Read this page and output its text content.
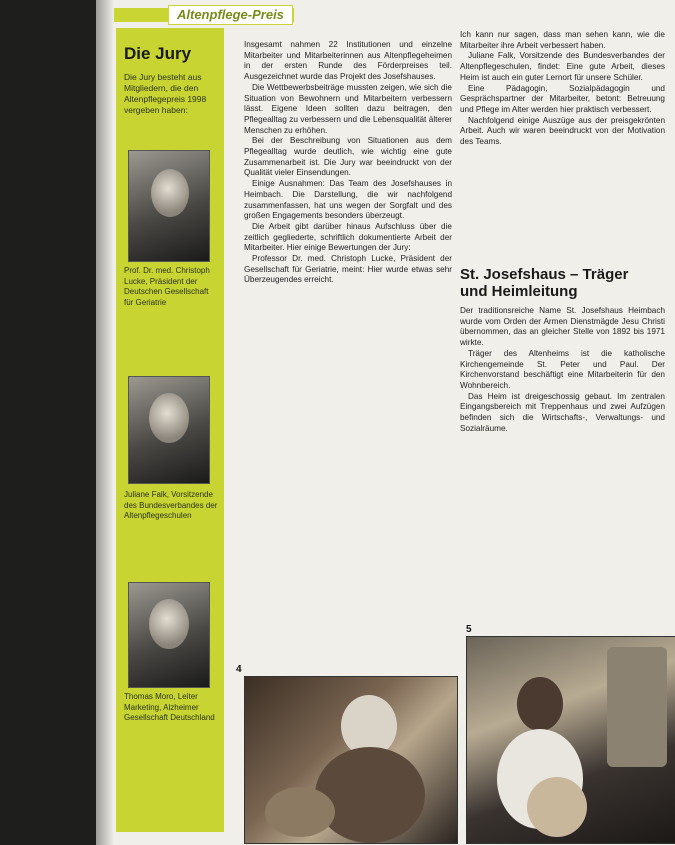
Altenpflege-Preis
Die Jury
Die Jury besteht aus Mitgliedern, die den Altenpflegepreis 1998 vergeben haben:
Prof. Dr. med. Christoph Lucke, Präsident der Deutschen Gesellschaft für Geriatrie
Juliane Falk, Vorsitzende des Bundesverbandes der Altenpflegeschulen
Thomas Moro, Leiter Marketing, Alzheimer Gesellschaft Deutschland

Insgesamt nahmen 22 Institutionen und einzelne Mitarbeiter und Mitarbeiterinnen aus Altenpflegeheimen in der ersten Runde des Förderpreises teil. Ausgezeichnet wurde das Projekt des Josefshauses.

Die Wettbewerbsbeiträge mussten zeigen, wie sich die Situation von Bewohnern und Mitarbeitern verbessern lässt. Eigene Ideen sollten dazu beitragen, den Pflegealltag zu verbessern und die Lebensqualität älterer Menschen zu erhöhen.

Bei der Beschreibung von Situationen aus dem Pflegealltag wurde deutlich, wie wichtig eine gute Zusammenarbeit ist. Die Jury war beeindruckt von der Qualität vieler Einsendungen.

Einige Ausnahmen: Das Team des Josefshauses in Heimbach. Die Darstellung, die wir nachfolgend zusammenfassen, hat uns wegen der Sorgfalt und des großen Engagements besonders überzeugt.

Die Arbeit gibt darüber hinaus Aufschluss über die zeitlich gegliederte, schriftlich dokumentierte Arbeit der Mitarbeiter. Hier einige Bewertungen der Jury:

Professor Dr. med. Christoph Lucke, Präsident der Gesellschaft für Geriatrie, meint: Hier wurde etwas sehr Überzeugendes erreicht.

Ich kann nur sagen, dass man sehen kann, wie die Mitarbeiter ihre Arbeit verbessert haben.

Juliane Falk, Vorsitzende des Bundesverbandes der Altenpflegeschulen, findet: Eine gute Arbeit, dieses Heim ist auch ein guter Lernort für unsere Schüler.

Eine Pädagogin, Sozialpädagogin und Gesprächspartner der Mitarbeiter, betont: Betreuung und Pflege im Alter werden hier praktisch verbessert.

Nachfolgend einige Auszüge aus der preisgekrönten Arbeit. Auch wir waren beeindruckt von der Motivation des Teams.

St. Josefshaus – Träger und Heimleitung

Der traditionsreiche Name St. Josefshaus Heimbach wurde vom Orden der Armen Dienstmägde Jesu Christi übernommen, das an gleicher Stelle von 1892 bis 1971 wirkte.

Träger des Altenheims ist die katholische Kirchengemeinde St. Peter und Paul. Der Kirchenvorstand beschäftigt eine Mitarbeiterin für den Wohnbereich.

Das Heim ist dreigeschossig gebaut. Im zentralen Eingangsbereich mit Treppenhaus und zwei Aufzügen befinden sich die Wirtschafts-, Verwaltungs- und Sozialräume.

4
5
